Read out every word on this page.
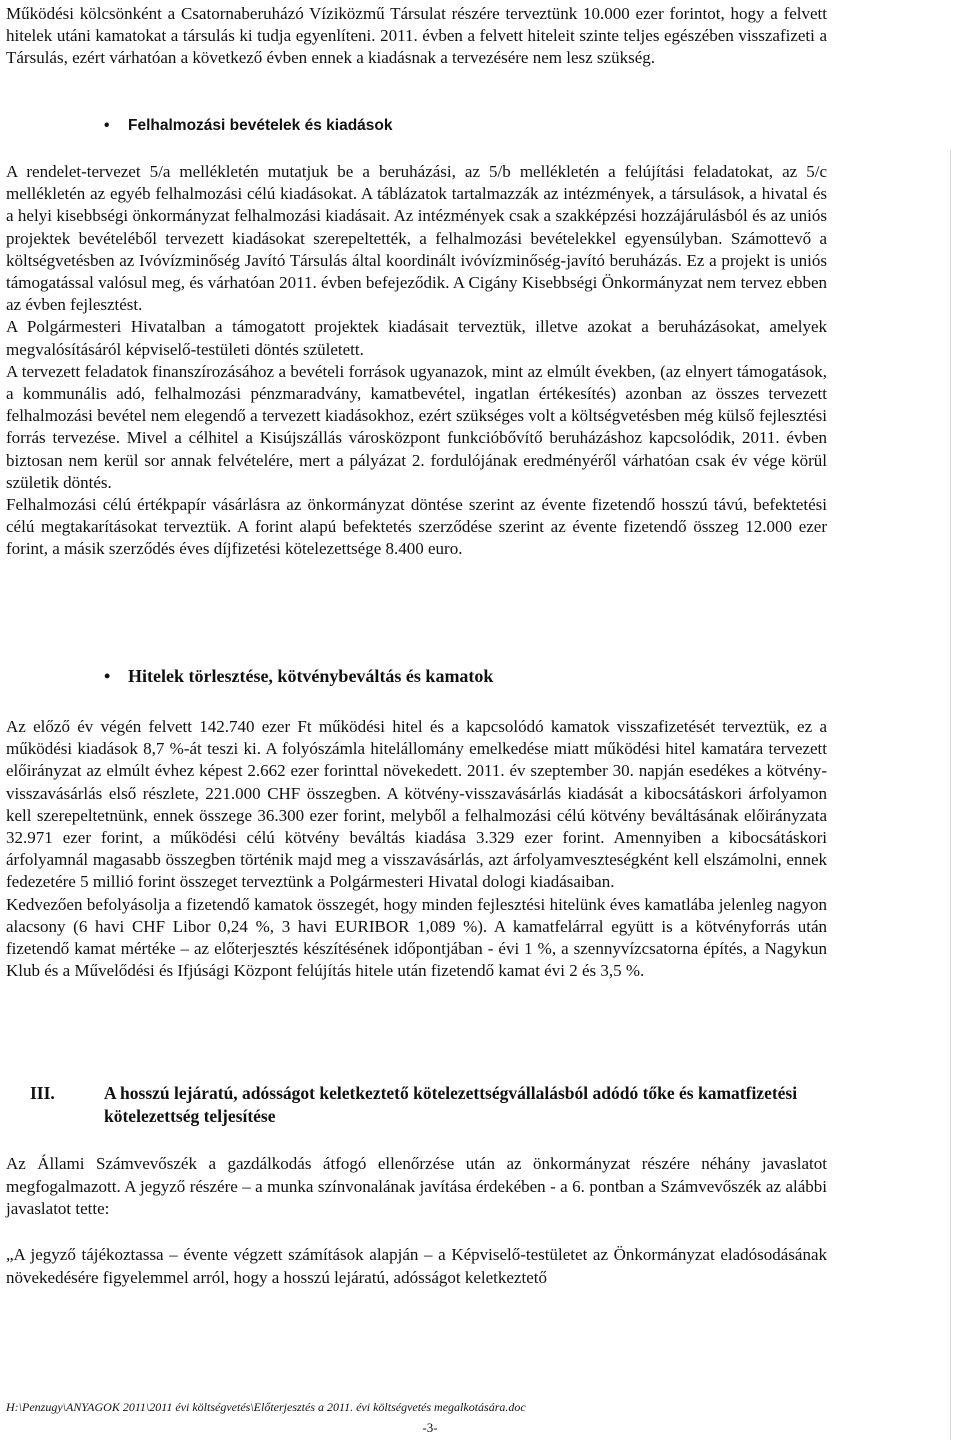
Működési kölcsönként a Csatornaberuházó Víziközmű Társulat részére terveztünk 10.000 ezer forintot, hogy a felvett hitelek utáni kamatokat a társulás ki tudja egyenlíteni. 2011. évben a felvett hiteleit szinte teljes egészében visszafizeti a Társulás, ezért várhatóan a következő évben ennek a kiadásnak a tervezésére nem lesz szükség.

• Felhalmozási bevételek és kiadások

A rendelet-tervezet 5/a mellékletén mutatjuk be a beruházási, az 5/b mellékletén a felújítási feladatokat, az 5/c mellékletén az egyéb felhalmozási célú kiadásokat. A táblázatok tartalmazzák az intézmények, a társulások, a hivatal és a helyi kisebbségi önkormányzat felhalmozási kiadásait. Az intézmények csak a szakképzési hozzájárulásból és az uniós projektek bevételéből tervezett kiadásokat szerepeltették, a felhalmozási bevételekkel egyensúlyban. Számottevő a költségvetésben az Ivóvízminőség Javító Társulás által koordinált ivóvízminőség-javító beruházás. Ez a projekt is uniós támogatással valósul meg, és várhatóan 2011. évben befejeződik. A Cigány Kisebbségi Önkormányzat nem tervez ebben az évben fejlesztést.

A Polgármesteri Hivatalban a támogatott projektek kiadásait terveztük, illetve azokat a beruházásokat, amelyek megvalósításáról képviselő-testületi döntés született.

A tervezett feladatok finanszírozásához a bevételi források ugyanazok, mint az elmúlt években, (az elnyert támogatások, a kommunális adó, felhalmozási pénzmaradvány, kamatbevétel, ingatlan értékesítés) azonban az összes tervezett felhalmozási bevétel nem elegendő a tervezett kiadásokhoz, ezért szükséges volt a költségvetésben még külső fejlesztési forrás tervezése. Mivel a célhitel a Kisújszállás városközpont funkcióbővítő beruházáshoz kapcsolódik, 2011. évben biztosan nem kerül sor annak felvételére, mert a pályázat 2. fordulójának eredményéről várhatóan csak év vége körül születik döntés.

Felhalmozási célú értékpapír vásárlásra az önkormányzat döntése szerint az évente fizetendő hosszú távú, befektetési célú megtakarításokat terveztük. A forint alapú befektetés szerződése szerint az évente fizetendő összeg 12.000 ezer forint, a másik szerződés éves díjfizetési kötelezettsége 8.400 euro.

• Hitelek törlesztése, kötvénybeváltás és kamatok

Az előző év végén felvett 142.740 ezer Ft működési hitel és a kapcsolódó kamatok visszafizetését terveztük, ez a működési kiadások 8,7 %-át teszi ki. A folyószámla hitelállomány emelkedése miatt működési hitel kamatára tervezett előirányzat az elmúlt évhez képest 2.662 ezer forinttal növekedett. 2011. év szeptember 30. napján esedékes a kötvény-visszavásárlás első részlete, 221.000 CHF összegben. A kötvény-visszavásárlás kiadását a kibocsátáskori árfolyamon kell szerepeltetnünk, ennek összege 36.300 ezer forint, melyből a felhalmozási célú kötvény beváltásának előirányzata 32.971 ezer forint, a működési célú kötvény beváltás kiadása 3.329 ezer forint. Amennyiben a kibocsátáskori árfolyamnál magasabb összegben történik majd meg a visszavásárlás, azt árfolyamveszteségként kell elszámolni, ennek fedezetére 5 millió forint összeget terveztünk a Polgármesteri Hivatal dologi kiadásaiban.

Kedvezően befolyásolja a fizetendő kamatok összegét, hogy minden fejlesztési hitelünk éves kamatlába jelenleg nagyon alacsony (6 havi CHF Libor 0,24 %, 3 havi EURIBOR 1,089 %). A kamatfelárral együtt is a kötvényforrás után fizetendő kamat mértéke – az előterjesztés készítésének időpontjában - évi 1 %, a szennyvízcsatorna építés, a Nagykun Klub és a Művelődési és Ifjúsági Központ felújítás hitele után fizetendő kamat évi 2 és 3,5 %.

III.	A hosszú lejáratú, adósságot keletkeztető kötelezettségvállalásból adódó tőke és kamatfizetési kötelezettség teljesítése

Az Állami Számvevőszék a gazdálkodás átfogó ellenőrzése után az önkormányzat részére néhány javaslatot megfogalmazott. A jegyző részére – a munka színvonalának javítása érdekében - a 6. pontban a Számvevőszék az alábbi javaslatot tette:

„A jegyző tájékoztassa – évente végzett számítások alapján – a Képviselő-testületet az Önkormányzat eladósodásának növekedésére figyelemmel arról, hogy a hosszú lejáratú, adósságot keletkeztető

H:\Penzugy\ANYAGOK 2011\2011 évi költségvetés\Előterjesztés a 2011. évi költségvetés megalkotására.doc

-3-
